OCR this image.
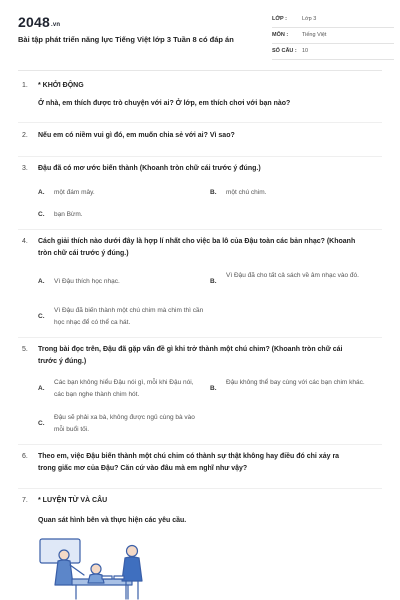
2048.vn
Bài tập phát triển năng lực Tiếng Việt lớp 3 Tuần 8 có đáp án
LỚP :	Lớp 3
MÔN :	Tiếng Việt
SỐ CÂU : 10
1. * KHỞI ĐỘNG
Ở nhà, em thích được trò chuyện với ai? Ở lớp, em thích chơi với bạn nào?
2. Nếu em có niềm vui gì đó, em muốn chia sẻ với ai? Vì sao?
3. Đậu đã có mơ ước biến thành (Khoanh tròn chữ cái trước ý đúng.)
A. một đám mây.	B. một chú chim.
C. bạn Bừm.
4. Cách giải thích nào dưới đây là hợp lí nhất cho việc ba lô của Đậu toàn các bản nhạc? (Khoanh
tròn chữ cái trước ý đúng.)
A. Vì Đậu thích học nhạc.	B.
Vì Đậu đã cho tất cả sách về âm nhạc vào đó.
C.
Vì Đậu đã biến thành một chú chim mà chim thì cần học nhạc để có thể ca hát.
5. Trong bài đọc trên, Đậu đã gặp vấn đề gì khi trở thành một chú chim? (Khoanh tròn chữ cái
trước ý đúng.)
A.
Các bạn không hiểu Đậu nói gì, mỗi khi Đậu nói, các bạn nghe thành chim hót.
B.
Đậu không thể bay cùng với các bạn chim khác.
C.
Đậu sẽ phải xa bà, không được ngủ cùng bà vào mỗi buổi tối.
6. Theo em, việc Đậu biến thành một chú chim có thành sự thật không hay điều đó chỉ xảy ra
trong giấc mơ của Đậu? Căn cứ vào đâu mà em nghĩ như vậy?
7. * LUYỆN TỪ VÀ CÂU
Quan sát hình bên và thực hiện các yêu cầu.
